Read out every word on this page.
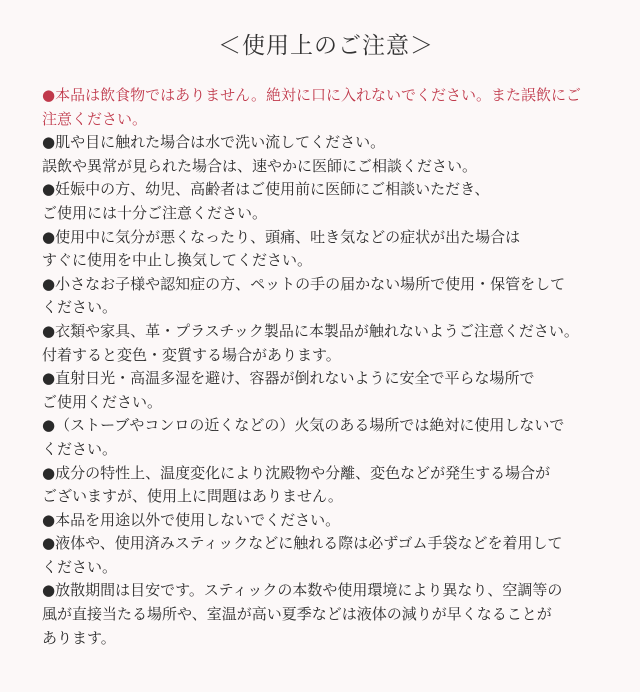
＜使用上のご注意＞
●本品は飲食物ではありません。絶対に口に入れないでください。また誤飲にご
注意ください。
●肌や目に触れた場合は水で洗い流してください。
誤飲や異常が見られた場合は、速やかに医師にご相談ください。
●妊娠中の方、幼児、高齢者はご使用前に医師にご相談いただき、
ご使用には十分ご注意ください。
●使用中に気分が悪くなったり、頭痛、吐き気などの症状が出た場合は
すぐに使用を中止し換気してください。
●小さなお子様や認知症の方、ペットの手の届かない場所で使用・保管をして
ください。
●衣類や家具、革・プラスチック製品に本製品が触れないようご注意ください。
付着すると変色・変質する場合があります。
●直射日光・高温多湿を避け、容器が倒れないように安全で平らな場所で
ご使用ください。
●（ストーブやコンロの近くなどの）火気のある場所では絶対に使用しないで
ください。
●成分の特性上、温度変化により沈殿物や分離、変色などが発生する場合が
ございますが、使用上に問題はありません。
●本品を用途以外で使用しないでください。
●液体や、使用済みスティックなどに触れる際は必ずゴム手袋などを着用して
ください。
●放散期間は目安です。スティックの本数や使用環境により異なり、空調等の
風が直接当たる場所や、室温が高い夏季などは液体の減りが早くなることが
あります。
